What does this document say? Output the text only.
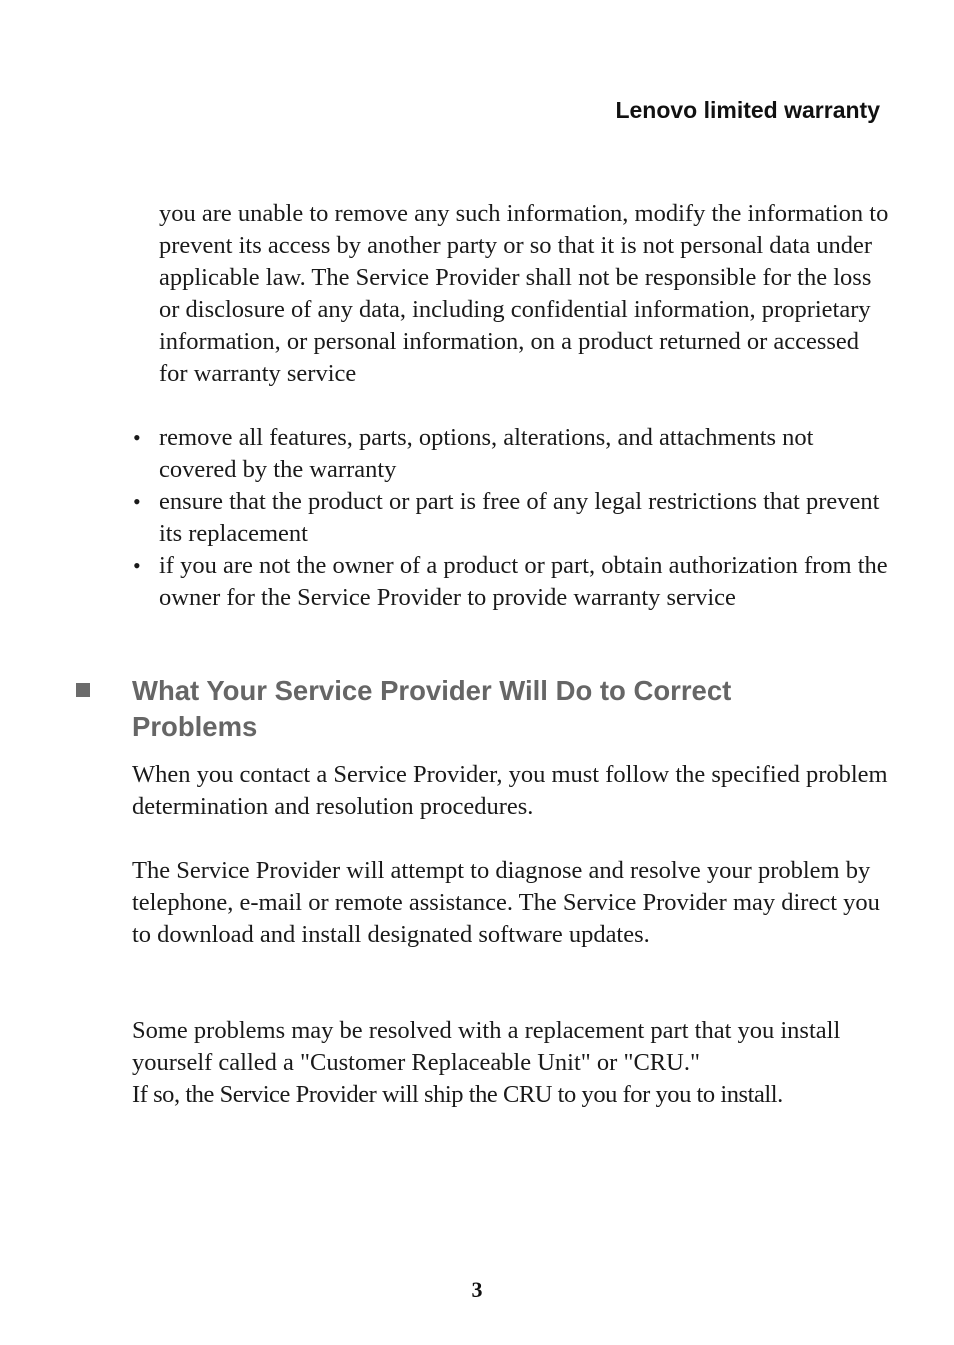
Lenovo limited warranty
you are unable to remove any such information, modify the information to prevent its access by another party or so that it is not personal data under applicable law. The Service Provider shall not be responsible for the loss or disclosure of any data, including confidential information, proprietary information, or personal information, on a product returned or accessed for warranty service
• remove all features, parts, options, alterations, and attachments not covered by the warranty
• ensure that the product or part is free of any legal restrictions that prevent its replacement
• if you are not the owner of a product or part, obtain authorization from the owner for the Service Provider to provide warranty service
What Your Service Provider Will Do to Correct Problems

When you contact a Service Provider, you must follow the specified problem determination and resolution procedures.

The Service Provider will attempt to diagnose and resolve your problem by telephone, e-mail or remote assistance. The Service Provider may direct you to download and install designated software updates.

Some problems may be resolved with a replacement part that you install yourself called a "Customer Replaceable Unit" or "CRU."
If so, the Service Provider will ship the CRU to you for you to install.

3
